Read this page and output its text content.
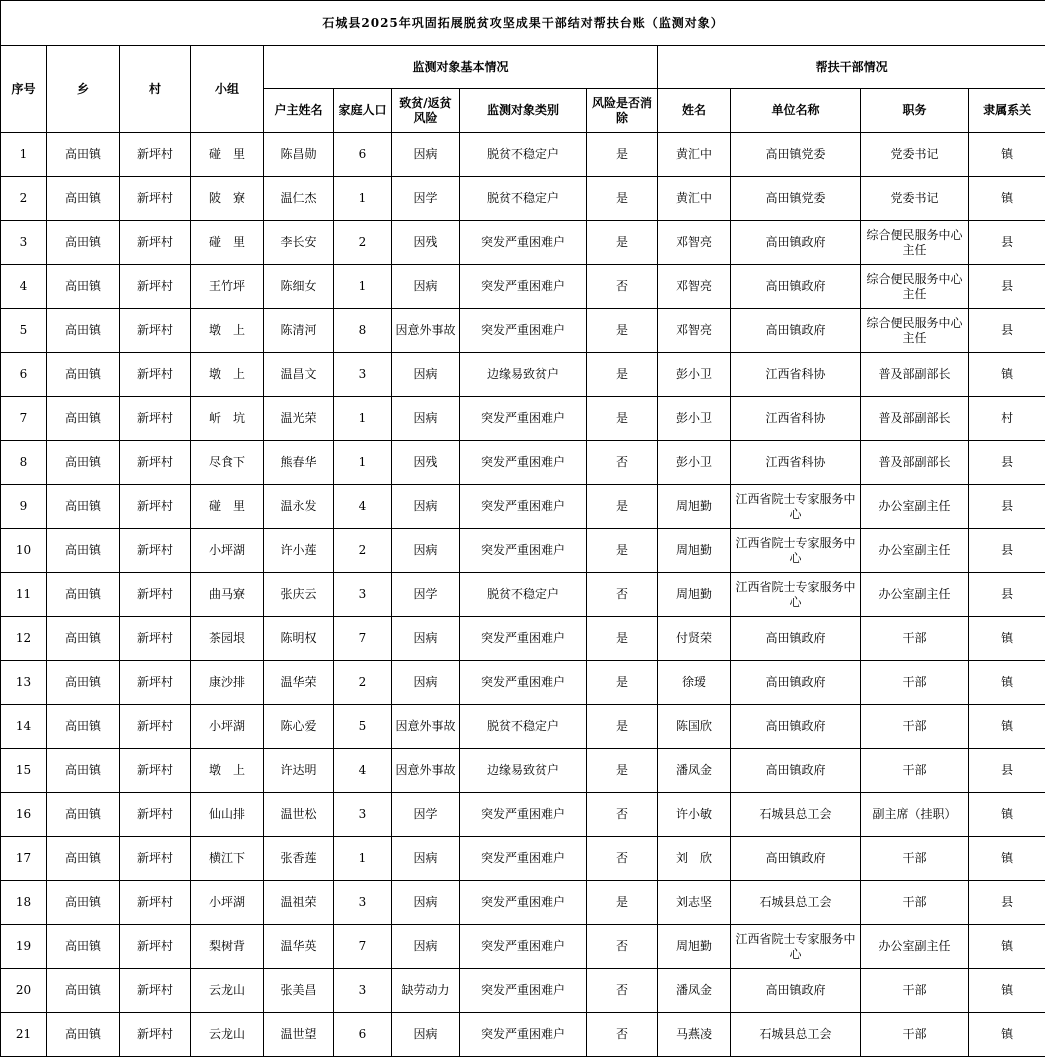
石城县2025年巩固拓展脱贫攻坚成果干部结对帮扶台账（监测对象）												
序号	乡	村	小组	监测对象基本情况					帮扶干部情况			
				户主姓名	家庭人口	致贫/返贫风险	监测对象类别	风险是否消除	姓名	单位名称	职务	隶属系关
1	高田镇	新坪村	碰　里	陈昌勋	6	因病	脱贫不稳定户	是	黄汇中	高田镇党委	党委书记	镇
2	高田镇	新坪村	陂　寮	温仁杰	1	因学	脱贫不稳定户	是	黄汇中	高田镇党委	党委书记	镇
3	高田镇	新坪村	碰　里	李长安	2	因残	突发严重困难户	是	邓智亮	高田镇政府	综合便民服务中心主任	县
4	高田镇	新坪村	王竹坪	陈细女	1	因病	突发严重困难户	否	邓智亮	高田镇政府	综合便民服务中心主任	县
5	高田镇	新坪村	墩　上	陈清河	8	因意外事故	突发严重困难户	是	邓智亮	高田镇政府	综合便民服务中心主任	县
6	高田镇	新坪村	墩　上	温昌文	3	因病	边缘易致贫户	是	彭小卫	江西省科协	普及部副部长	镇
7	高田镇	新坪村	岓　坑	温光荣	1	因病	突发严重困难户	是	彭小卫	江西省科协	普及部副部长	村
8	高田镇	新坪村	尽食下	熊春华	1	因残	突发严重困难户	否	彭小卫	江西省科协	普及部副部长	县
9	高田镇	新坪村	碰　里	温永发	4	因病	突发严重困难户	是	周旭勤	江西省院士专家服务中心	办公室副主任	县
10	高田镇	新坪村	小坪湖	许小莲	2	因病	突发严重困难户	是	周旭勤	江西省院士专家服务中心	办公室副主任	县
11	高田镇	新坪村	曲马寮	张庆云	3	因学	脱贫不稳定户	否	周旭勤	江西省院士专家服务中心	办公室副主任	县
12	高田镇	新坪村	茶园垠	陈明权	7	因病	突发严重困难户	是	付贤荣	高田镇政府	干部	镇
13	高田镇	新坪村	康沙排	温华荣	2	因病	突发严重困难户	是	徐瑷	高田镇政府	干部	镇
14	高田镇	新坪村	小坪湖	陈心爱	5	因意外事故	脱贫不稳定户	是	陈国欣	高田镇政府	干部	镇
15	高田镇	新坪村	墩　上	许达明	4	因意外事故	边缘易致贫户	是	潘凤金	高田镇政府	干部	县
16	高田镇	新坪村	仙山排	温世松	3	因学	突发严重困难户	否	许小敏	石城县总工会	副主席（挂职）	镇
17	高田镇	新坪村	横江下	张香莲	1	因病	突发严重困难户	否	刘　欣	高田镇政府	干部	镇
18	高田镇	新坪村	小坪湖	温祖荣	3	因病	突发严重困难户	是	刘志坚	石城县总工会	干部	县
19	高田镇	新坪村	梨树背	温华英	7	因病	突发严重困难户	否	周旭勤	江西省院士专家服务中心	办公室副主任	镇
20	高田镇	新坪村	云龙山	张美昌	3	缺劳动力	突发严重困难户	否	潘凤金	高田镇政府	干部	镇
21	高田镇	新坪村	云龙山	温世望	6	因病	突发严重困难户	否	马燕凌	石城县总工会	干部	镇
